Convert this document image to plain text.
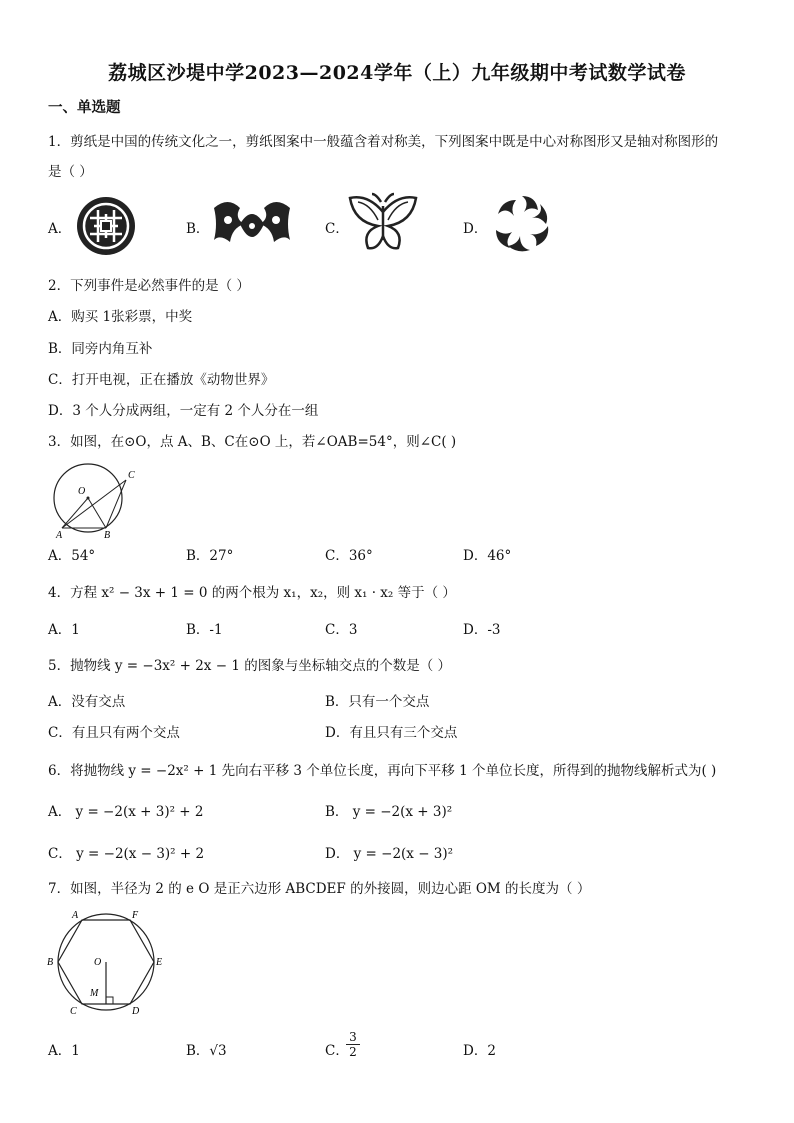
荔城区沙堤中学2023—2024学年（上）九年级期中考试数学试卷
一、单选题
1．剪纸是中国的传统文化之一，剪纸图案中一般蕴含着对称美，下列图案中既是中心对称图形又是轴对称图形的
是（ ）
A．	B．	C．	D．
2．下列事件是必然事件的是（ ）
A．购买 1张彩票，中奖
B．同旁内角互补
C．打开电视，正在播放《动物世界》
D．3 个人分成两组，一定有 2 个人分在一组
3．如图，在⊙O，点 A、B、C在⊙O 上，若∠OAB=54°，则∠C( )
O
A	B
C
A．54°	B．27°	C．36°	D．46°
4．方程 x² − 3x + 1 = 0 的两个根为 x₁，x₂，则 x₁ · x₂ 等于（ ）
A．1	B．-1	C．3	D．-3
5．抛物线 y = −3x² + 2x − 1 的图象与坐标轴交点的个数是（ ）
A．没有交点	B．只有一个交点
C．有且只有两个交点	D．有且只有三个交点
6．将抛物线 y = −2x² + 1 先向右平移 3 个单位长度，再向下平移 1 个单位长度，所得到的抛物线解析式为( )
A． y = −2(x + 3)² + 2	B． y = −2(x + 3)²
C． y = −2(x − 3)² + 2	D． y = −2(x − 3)²
7．如图，半径为 2 的 e O 是正六边形 ABCDEF 的外接圆，则边心距 OM 的长度为（ ）
A	F
B	E
O
M
C	D
A．1	B．√3	C．
$\frac{3}{2}$	D．2
